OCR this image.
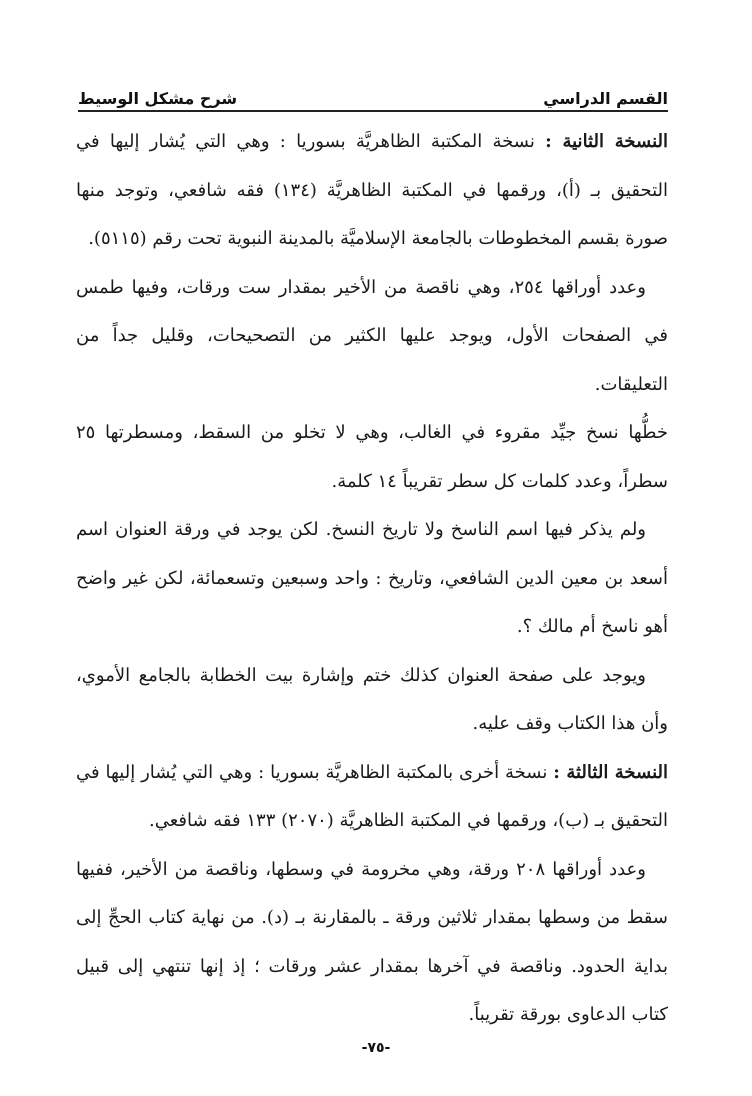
القسم الدراسي
شرح مشكل الوسيط

النسخة الثانية : نسخة المكتبة الظاهريَّة بسوريا : وهي التي يُشار إليها في التحقيق بـ (أ)، ورقمها في المكتبة الظاهريَّة (١٣٤) فقه شافعي، وتوجد منها صورة بقسم المخطوطات بالجامعة الإسلاميَّة بالمدينة النبوية تحت رقم (٥١١٥).

وعدد أوراقها ٢٥٤، وهي ناقصة من الأخير بمقدار ست ورقات، وفيها طمس في الصفحات الأول، ويوجد عليها الكثير من التصحيحات، وقليل جداً من التعليقات.

خطُّها نسخ جيِّد مقروء في الغالب، وهي لا تخلو من السقط، ومسطرتها ٢٥ سطراً، وعدد كلمات كل سطر تقريباً ١٤ كلمة.

ولم يذكر فيها اسم الناسخ ولا تاريخ النسخ. لكن يوجد في ورقة العنوان اسم أسعد بن معين الدين الشافعي، وتاريخ : واحد وسبعين وتسعمائة، لكن غير واضح أهو ناسخ أم مالك ؟.

ويوجد على صفحة العنوان كذلك ختم وإشارة بيت الخطابة بالجامع الأموي، وأن هذا الكتاب وقف عليه.

النسخة الثالثة : نسخة أخرى بالمكتبة الظاهريَّة بسوريا : وهي التي يُشار إليها في التحقيق بـ (ب)، ورقمها في المكتبة الظاهريَّة (٢٠٧٠) ١٣٣ فقه شافعي.

وعدد أوراقها ٢٠٨ ورقة، وهي مخرومة في وسطها، وناقصة من الأخير، ففيها سقط من وسطها بمقدار ثلاثين ورقة ـ بالمقارنة بـ (د). من نهاية كتاب الحجِّ إلى بداية الحدود. وناقصة في آخرها بمقدار عشر ورقات ؛ إذ إنها تنتهي إلى قبيل كتاب الدعاوى بورقة تقريباً.

-٧٥-
